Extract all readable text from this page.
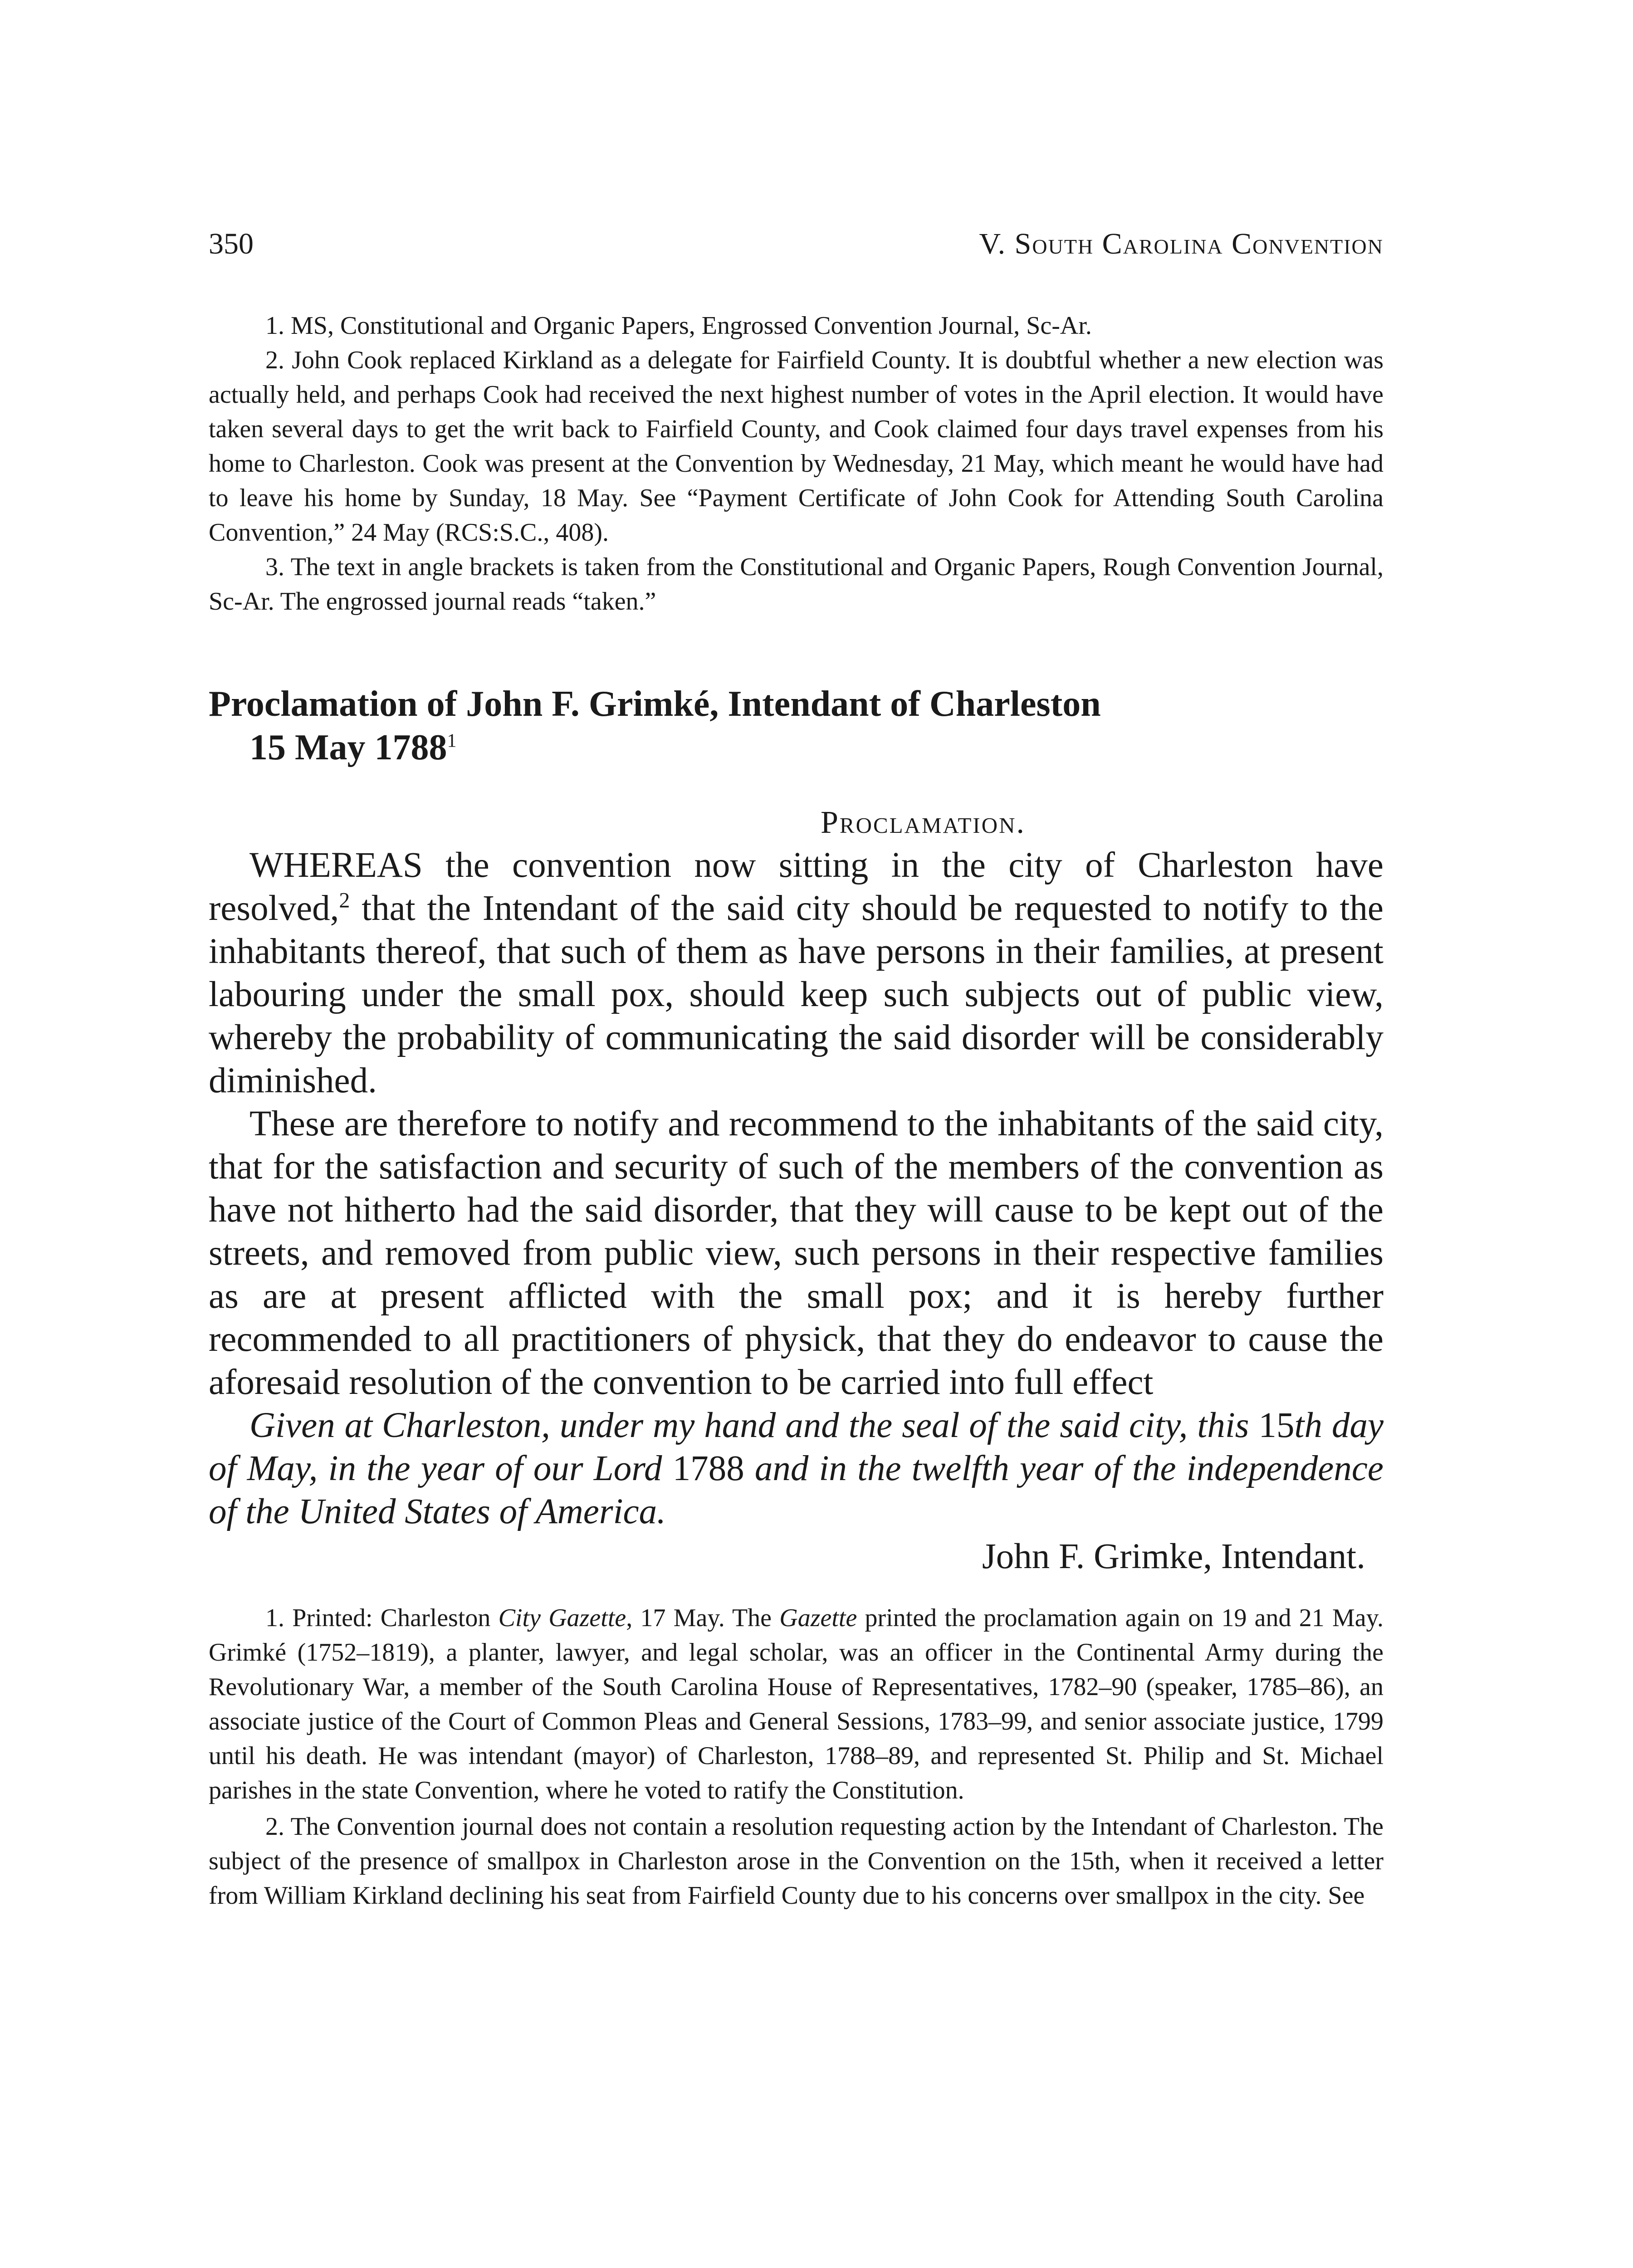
350	V. South Carolina Convention

1. MS, Constitutional and Organic Papers, Engrossed Convention Journal, Sc-Ar.

2. John Cook replaced Kirkland as a delegate for Fairfield County. It is doubtful whether a new election was actually held, and perhaps Cook had received the next highest number of votes in the April election. It would have taken several days to get the writ back to Fairfield County, and Cook claimed four days travel expenses from his home to Charleston. Cook was present at the Convention by Wednesday, 21 May, which meant he would have had to leave his home by Sunday, 18 May. See “Payment Certificate of John Cook for Attending South Carolina Convention,” 24 May (RCS:S.C., 408).

3. The text in angle brackets is taken from the Constitutional and Organic Papers, Rough Convention Journal, Sc-Ar. The engrossed journal reads “taken.”

Proclamation of John F. Grimké, Intendant of Charleston
15 May 1788$^1$
Proclamation.

WHEREAS the convention now sitting in the city of Charleston have resolved,$^2$ that the Intendant of the said city should be requested to notify to the inhabitants thereof, that such of them as have persons in their families, at present labouring under the small pox, should keep such subjects out of public view, whereby the probability of communicating the said disorder will be considerably diminished.

These are therefore to notify and recommend to the inhabitants of the said city, that for the satisfaction and security of such of the members of the convention as have not hitherto had the said disorder, that they will cause to be kept out of the streets, and removed from public view, such persons in their respective families as are at present afflicted with the small pox; and it is hereby further recommended to all practitioners of physick, that they do endeavor to cause the aforesaid resolution of the convention to be carried into full effect

Given at Charleston, under my hand and the seal of the said city, this 15th day of May, in the year of our Lord 1788 and in the twelfth year of the independence of the United States of America.

John F. Grimke, Intendant.

1. Printed: Charleston City Gazette, 17 May. The Gazette printed the proclamation again on 19 and 21 May. Grimké (1752–1819), a planter, lawyer, and legal scholar, was an officer in the Continental Army during the Revolutionary War, a member of the South Carolina House of Representatives, 1782–90 (speaker, 1785–86), an associate justice of the Court of Common Pleas and General Sessions, 1783–99, and senior associate justice, 1799 until his death. He was intendant (mayor) of Charleston, 1788–89, and represented St. Philip and St. Michael parishes in the state Convention, where he voted to ratify the Constitution.

2. The Convention journal does not contain a resolution requesting action by the Intendant of Charleston. The subject of the presence of smallpox in Charleston arose in the Convention on the 15th, when it received a letter from William Kirkland declining his seat from Fairfield County due to his concerns over smallpox in the city. See
